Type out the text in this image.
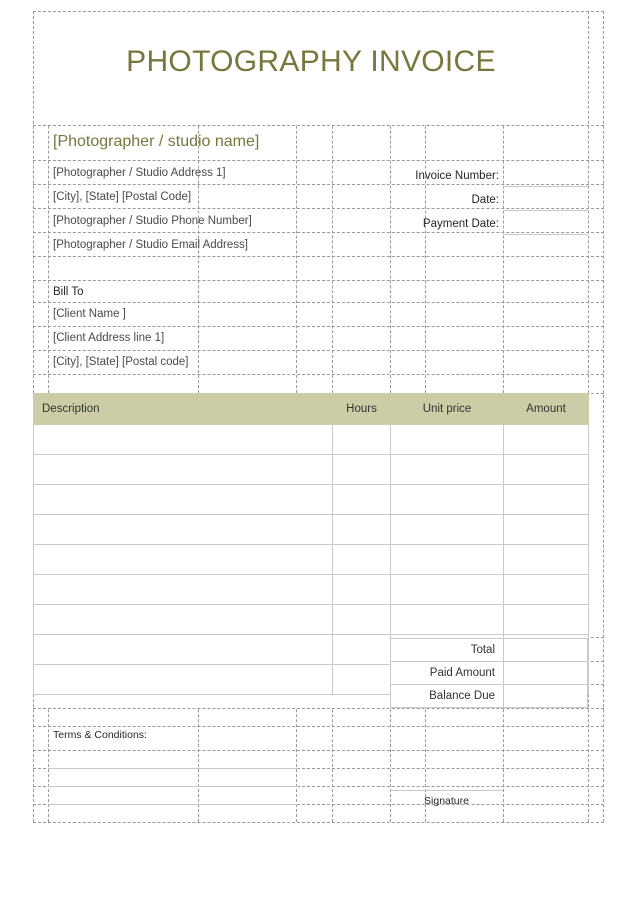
PHOTOGRAPHY INVOICE
[Photographer / studio name]
[Photographer / Studio Address 1]
[City], [State] [Postal Code]
[Photographer / Studio Phone Number]
[Photographer / Studio Email Address]
Invoice Number:
Date:
Payment Date:
Bill To
[Client Name ]
[Client Address line 1]
[City], [State] [Postal code]
Description	Hours	Unit price	Amount

Total
Paid Amount
Balance Due
Terms & Conditions:
Signature
